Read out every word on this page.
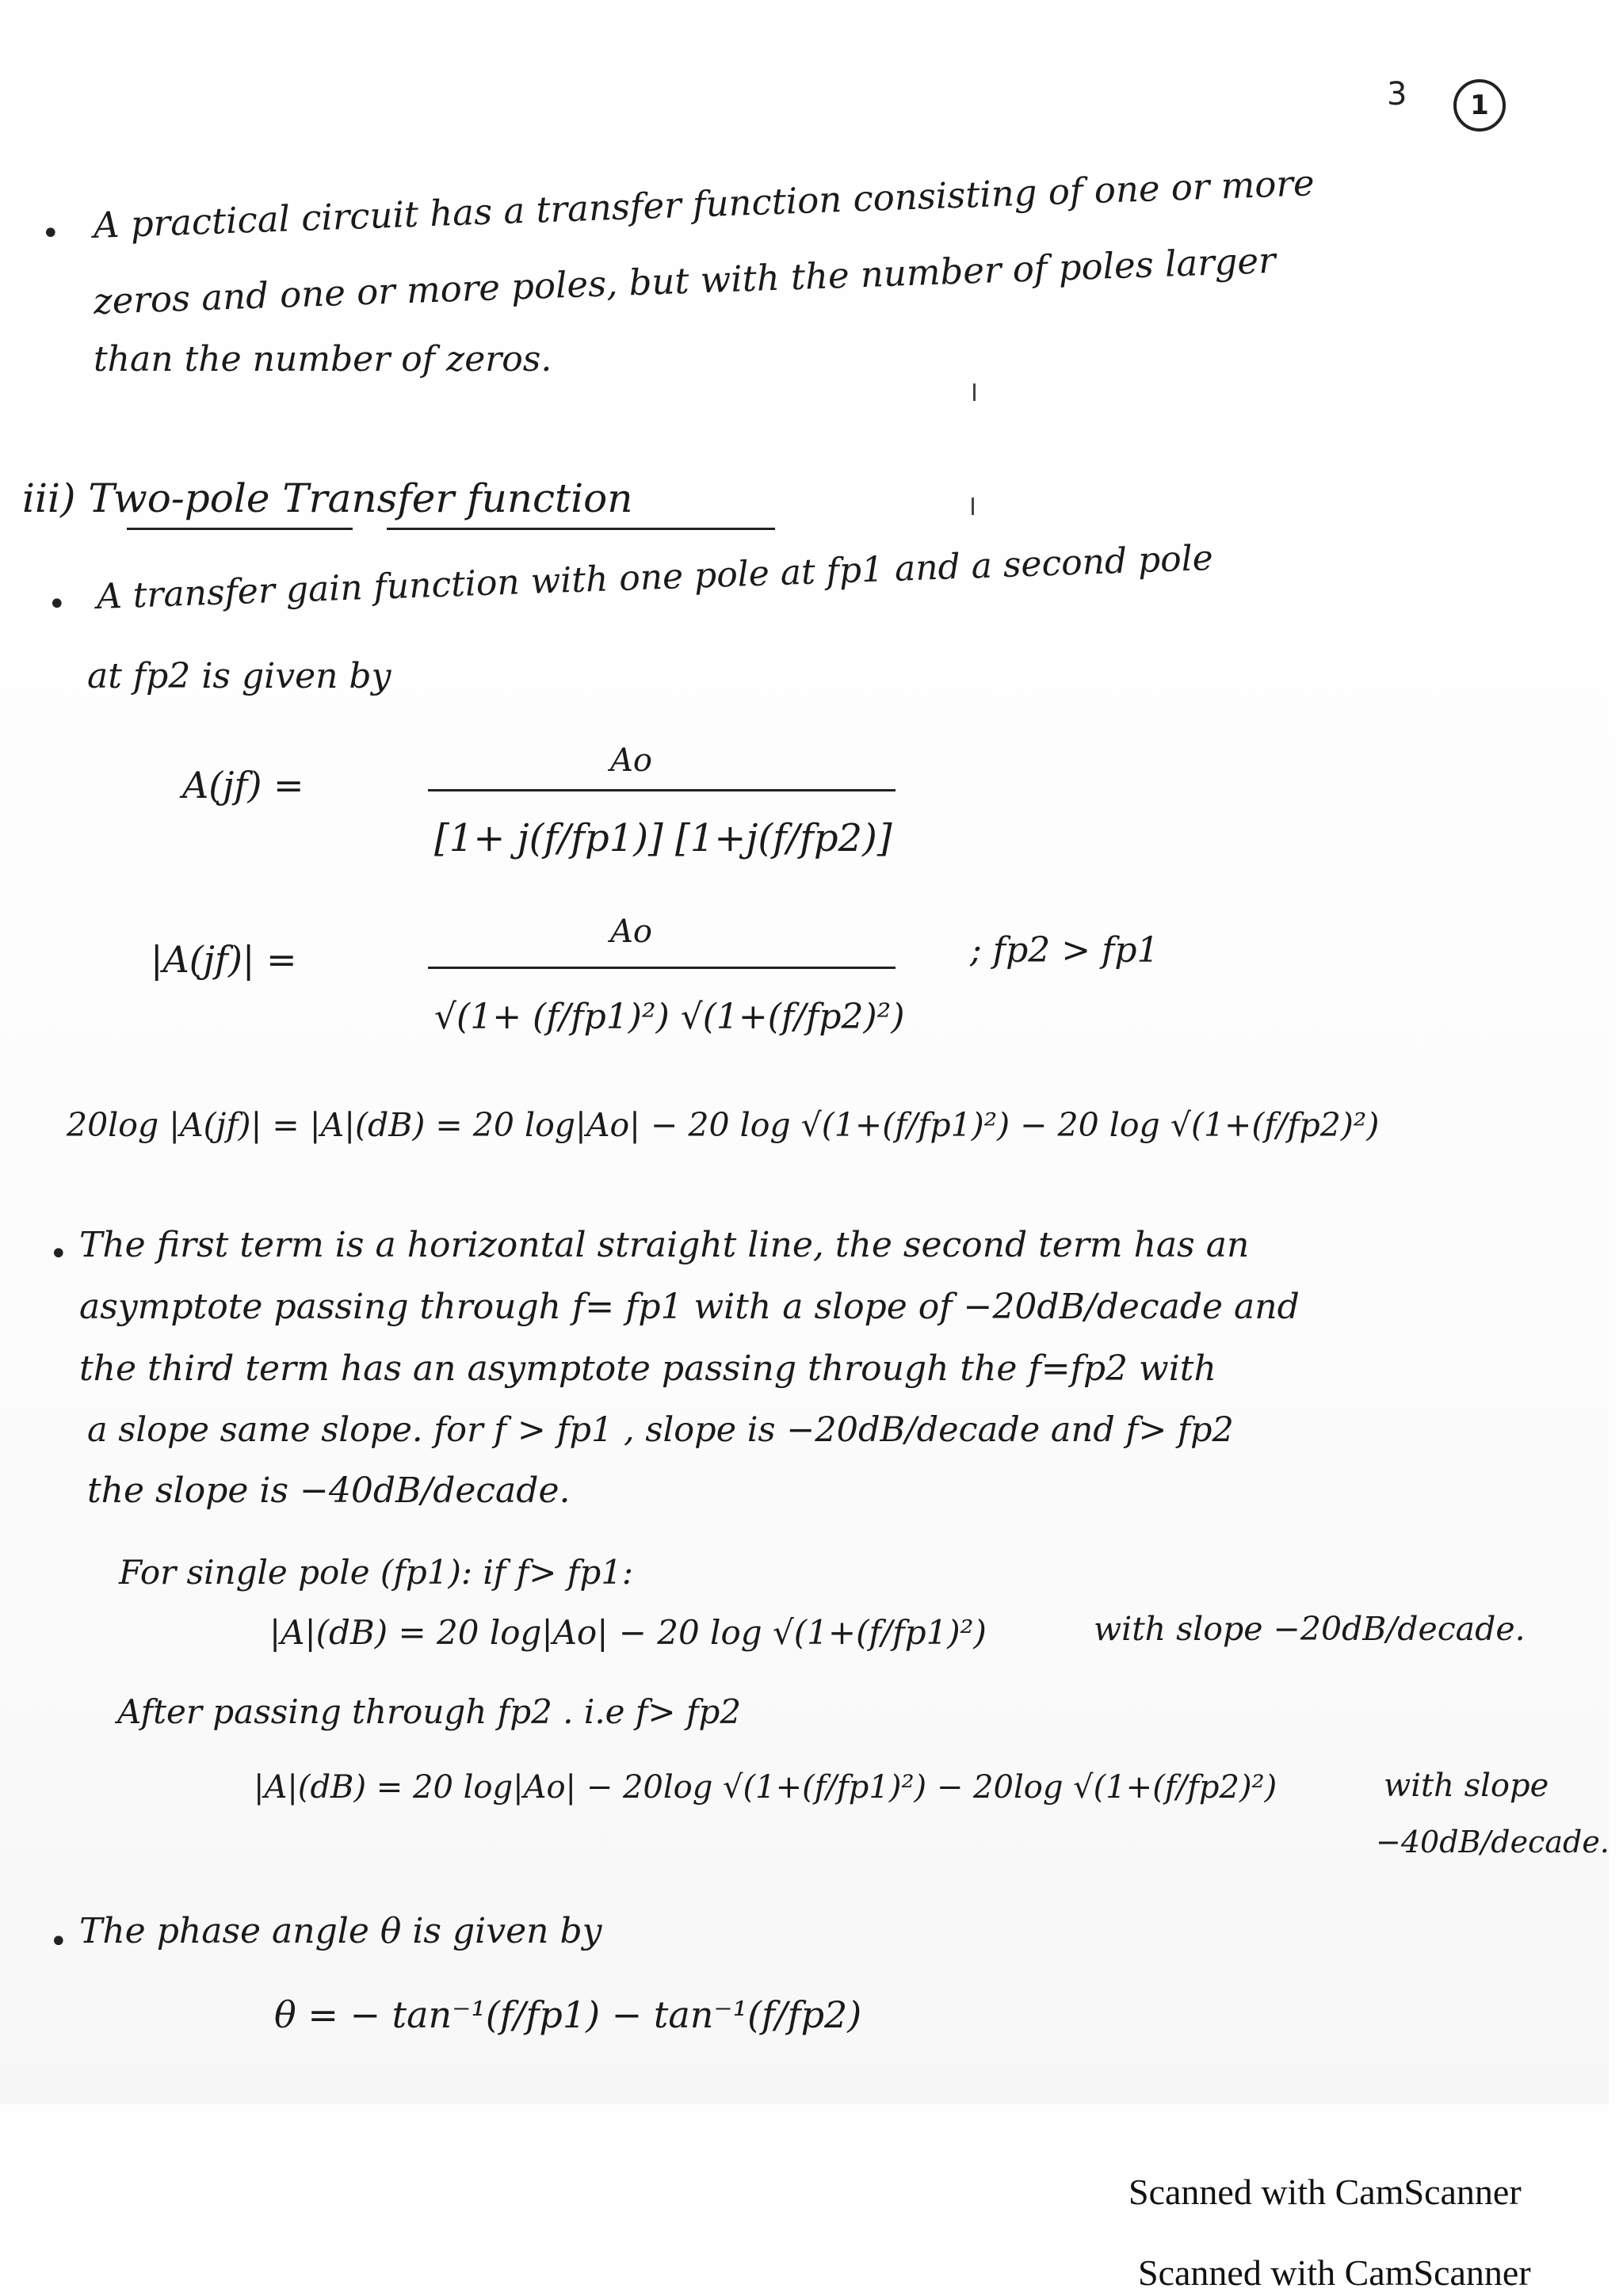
3 1
• A practical circuit has a transfer function consisting of one or more
zeros and one or more poles, but with the number of poles larger
than the number of zeros.
iii) Two-pole Transfer function
• A transfer gain function with one pole at fp1 and a second pole
at fp2 is given by
A(jf) =
Ao
[1+ j(f/fp1)] [1+j(f/fp2)]
|A(jf)| =
Ao
√(1+ (f/fp1)²) √(1+(f/fp2)²)
; fp2 > fp1
20log |A(jf)| = |A|(dB) = 20 log|Ao| − 20 log √(1+(f/fp1)²) − 20 log √(1+(f/fp2)²)
• The first term is a horizontal straight line, the second term has an
asymptote passing through f= fp1 with a slope of −20dB/decade and
the third term has an asymptote passing through the f=fp2 with
a slope same slope. for f > fp1 , slope is −20dB/decade and f> fp2
the slope is −40dB/decade.
For single pole (fp1): if f> fp1:
|A|(dB) = 20 log|Ao| − 20 log √(1+(f/fp1)²)	with slope −20dB/decade.
After passing through fp2 . i.e f> fp2
|A|(dB) = 20 log|Ao| − 20log √(1+(f/fp1)²) − 20log √(1+(f/fp2)²)	with slope
−40dB/decade.
• The phase angle θ is given by
θ = − tan⁻¹(f/fp1) − tan⁻¹(f/fp2)
Scanned with CamScanner
Scanned with CamScanner
